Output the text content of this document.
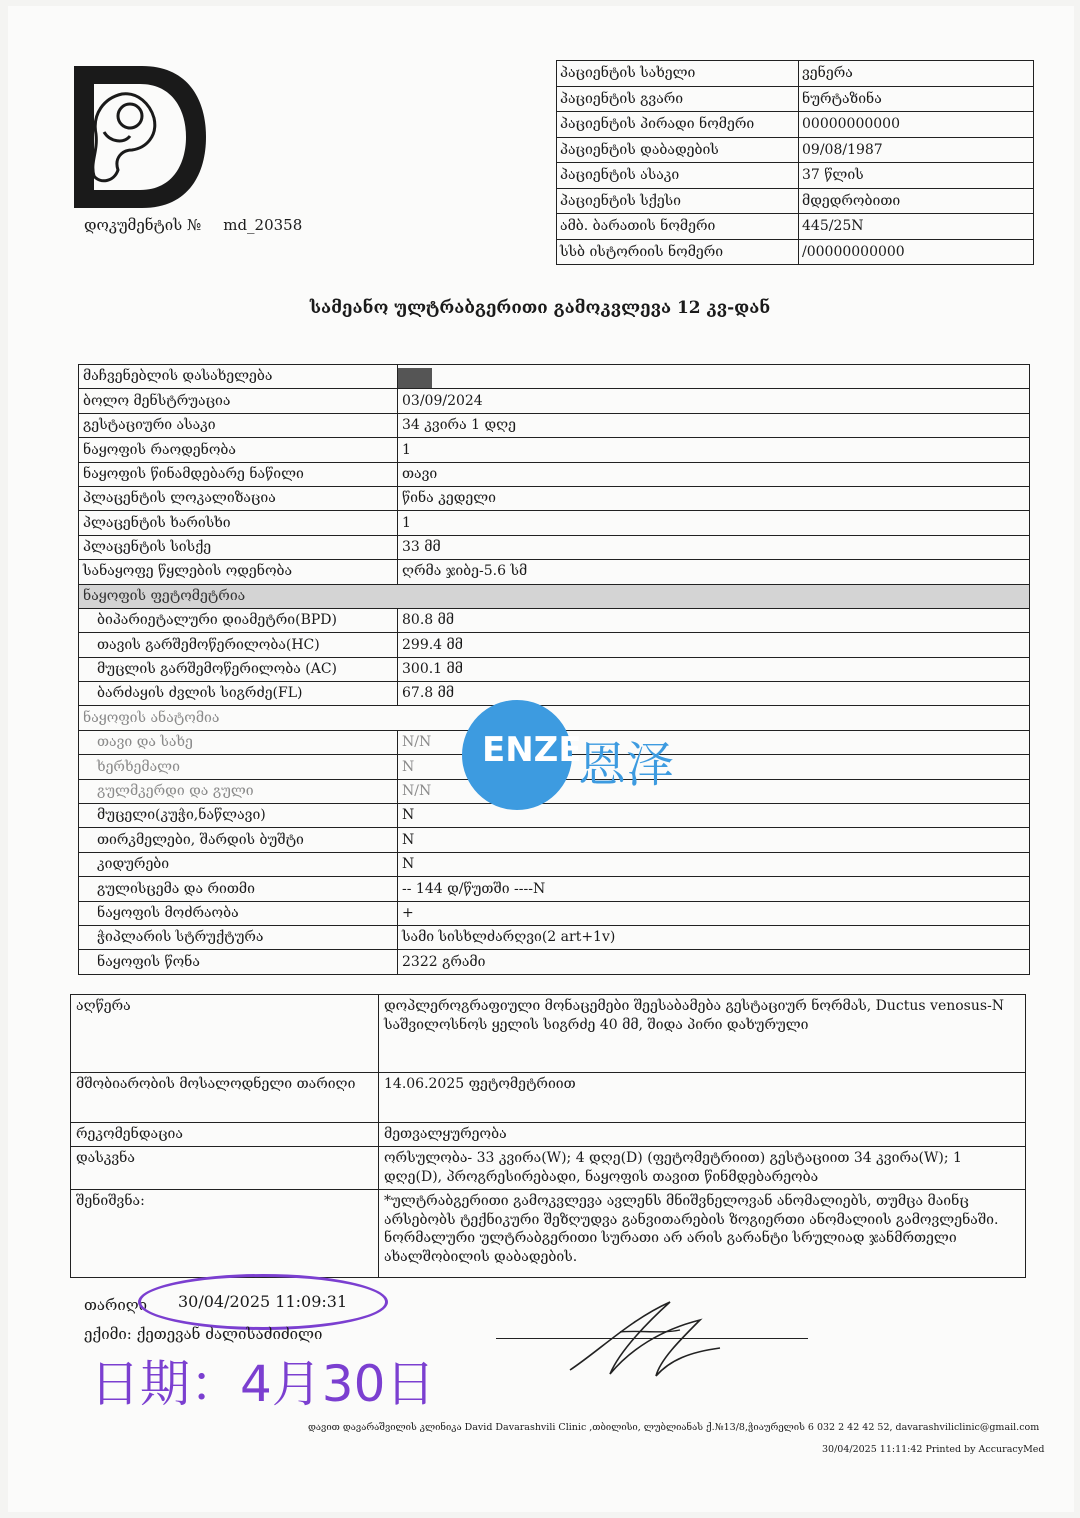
დოკუმენტის № md_20358
პაციენტის სახელი	ვენერა
პაციენტის გვარი	ნურტაზინა
პაციენტის პირადი ნომერი	00000000000
პაციენტის დაბადების	09/08/1987
პაციენტის ასაკი	37 წლის
პაციენტის სქესი	მდედრობითი
ამბ. ბარათის ნომერი	445/25N
სსბ ისტორიის ნომერი	/00000000000
სამეანო ულტრაბგერითი გამოკვლევა 12 კვ-დან
მაჩვენებლის დასახელება	
ბოლო მენსტრუაცია	03/09/2024
გესტაციური ასაკი	34 კვირა 1 დღე
ნაყოფის რაოდენობა	1
ნაყოფის წინამდებარე ნაწილი	თავი
პლაცენტის ლოკალიზაცია	წინა კედელი
პლაცენტის ხარისხი	1
პლაცენტის სისქე	33 მმ
სანაყოფე წყლების ოდენობა	ღრმა ჯიბე-5.6 სმ
ნაყოფის ფეტომეტრია	
ბიპარიეტალური დიამეტრი(BPD)	80.8 მმ
თავის გარშემოწერილობა(HC)	299.4 მმ
მუცლის გარშემოწერილობა (AC)	300.1 მმ
ბარძაყის ძვლის სიგრძე(FL)	67.8 მმ
ნაყოფის ანატომია	
თავი და სახე	N/N
ხერხემალი	N
გულმკერდი და გული	N/N
მუცელი(კუჭი,ნაწლავი)	N
თირკმელები, შარდის ბუშტი	N
კიდურები	N
გულისცემა და რითმი	-- 144 დ/წუთში ----N
ნაყოფის მოძრაობა	+
ჭიპლარის სტრუქტურა	სამი სისხლძარღვი(2 art+1v)
ნაყოფის წონა	2322 გრამი
აღწერა	დოპლეროგრაფიული მონაცემები შეესაბამება გესტაციურ ნორმას, Ductus venosus-N
საშვილოსნოს ყელის სიგრძე 40 მმ, შიდა პირი დახურული

მშობიარობის მოსალოდნელი თარიღი	14.06.2025 ფეტომეტრიით
რეკომენდაცია	მეთვალყურეობა
დასკვნა	ორსულობა- 33 კვირა(W); 4 დღე(D) (ფეტომეტრიით) გესტაციით 34 კვირა(W); 1 დღე(D), პროგრესირებადი, ნაყოფის თავით წინმდებარეობა
შენიშვნა:	*ულტრაბგერითი გამოკვლევა ავლენს მნიშვნელოვან ანომალიებს, თუმცა მაინც არსებობს ტექნიკური შეზღუდვა განვითარების ზოგიერთი ანომალიის გამოვლენაში. ნორმალური ულტრაბგერითი სურათი არ არის გარანტი სრულიად ჯანმრთელი ახალშობილის დაბადების.
ENZE
恩泽
თარიღი 30/04/2025 11:09:31
ექიმი: ქეთევან ძალისაძიძილი
日期：4月30日
დავით დავარაშვილის კლინიკა David Davarashvili Clinic ,თბილისი, ლუბლიანას ქ.№13/8,ჭიაურელის 6 032 2 42 42 52, davarashviliclinic@gmail.com
30/04/2025 11:11:42 Printed by AccuracyMed
